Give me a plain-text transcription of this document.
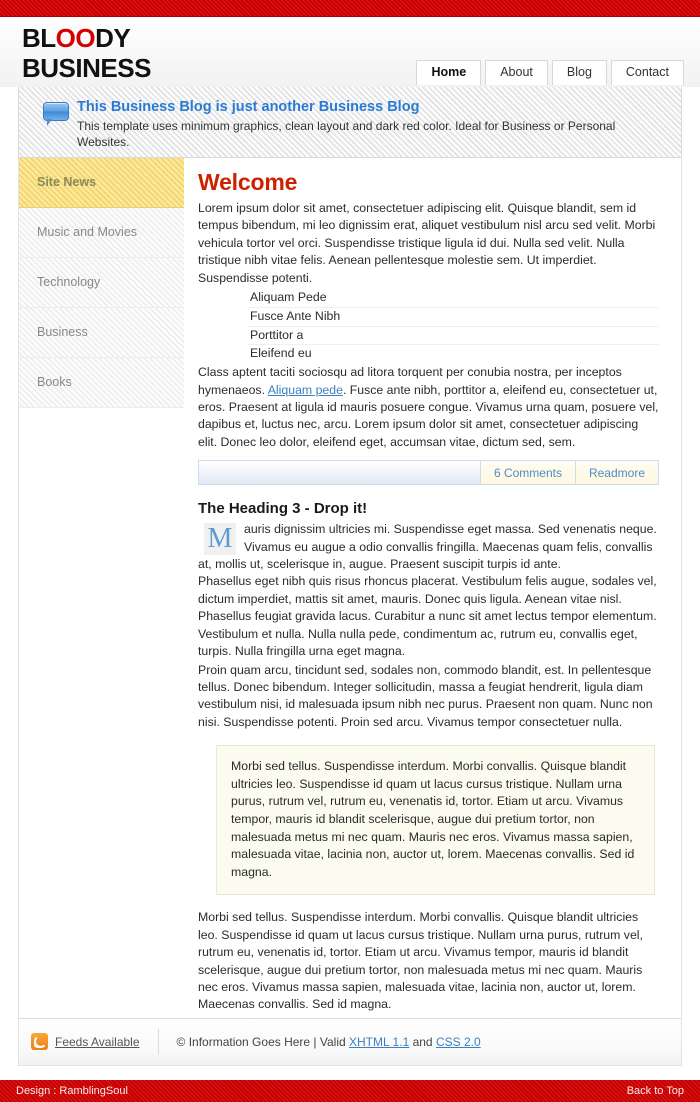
BLOODY
BUSINESS	Home	About	Blog	Contact
This Business Blog is just another Business Blog

This template uses minimum graphics, clean layout and dark red color. Ideal for Business or Personal Websites.

Site News
Music and Movies
Technology
Business
Books
Welcome

Lorem ipsum dolor sit amet, consectetuer adipiscing elit. Quisque blandit, sem id tempus bibendum, mi leo dignissim erat, aliquet vestibulum nisl arcu sed velit. Morbi vehicula tortor vel orci. Suspendisse tristique ligula id dui. Nulla sed velit. Nulla tristique nibh vitae felis. Aenean pellentesque molestie sem. Ut imperdiet. Suspendisse potenti.

Aliquam Pede
Fusce Ante Nibh
Porttitor a
Eleifend eu

Class aptent taciti sociosqu ad litora torquent per conubia nostra, per inceptos hymenaeos. Aliquam pede. Fusce ante nibh, porttitor a, eleifend eu, consectetuer ut, eros. Praesent at ligula id mauris posuere congue. Vivamus urna quam, posuere vel, dapibus et, luctus nec, arcu. Lorem ipsum dolor sit amet, consectetuer adipiscing elit. Donec leo dolor, eleifend eget, accumsan vitae, dictum sed, sem.

6 Comments	Readmore
The Heading 3 - Drop it!
M auris dignissim ultricies mi. Suspendisse eget massa. Sed venenatis neque. Vivamus eu augue a odio convallis fringilla. Maecenas quam felis, convallis at, mollis ut, scelerisque in, augue. Praesent suscipit turpis id ante.

Phasellus eget nibh quis risus rhoncus placerat. Vestibulum felis augue, sodales vel, dictum imperdiet, mattis sit amet, mauris. Donec quis ligula. Aenean vitae nisl. Phasellus feugiat gravida lacus. Curabitur a nunc sit amet lectus tempor elementum. Vestibulum et nulla. Nulla nulla pede, condimentum ac, rutrum eu, convallis eget, turpis. Nulla fringilla urna eget magna.

Proin quam arcu, tincidunt sed, sodales non, commodo blandit, est. In pellentesque tellus. Donec bibendum. Integer sollicitudin, massa a feugiat hendrerit, ligula diam vestibulum nisi, id malesuada ipsum nibh nec purus. Praesent non quam. Nunc non nisi. Suspendisse potenti. Proin sed arcu. Vivamus tempor consectetuer nulla.

Morbi sed tellus. Suspendisse interdum. Morbi convallis. Quisque blandit ultricies leo. Suspendisse id quam ut lacus cursus tristique. Nullam urna purus, rutrum vel, rutrum eu, venenatis id, tortor. Etiam ut arcu. Vivamus tempor, mauris id blandit scelerisque, augue dui pretium tortor, non malesuada metus mi nec quam. Mauris nec eros. Vivamus massa sapien, malesuada vitae, lacinia non, auctor ut, lorem. Maecenas convallis. Sed id magna.

Morbi sed tellus. Suspendisse interdum. Morbi convallis. Quisque blandit ultricies leo. Suspendisse id quam ut lacus cursus tristique. Nullam urna purus, rutrum vel, rutrum eu, venenatis id, tortor. Etiam ut arcu. Vivamus tempor, mauris id blandit scelerisque, augue dui pretium tortor, non malesuada metus mi nec quam. Mauris nec eros. Vivamus massa sapien, malesuada vitae, lacinia non, auctor ut, lorem. Maecenas convallis. Sed id magna.

Feeds Available	© Information Goes Here | Valid XHTML 1.1 and CSS 2.0
Design : RamblingSoul	Back to Top
